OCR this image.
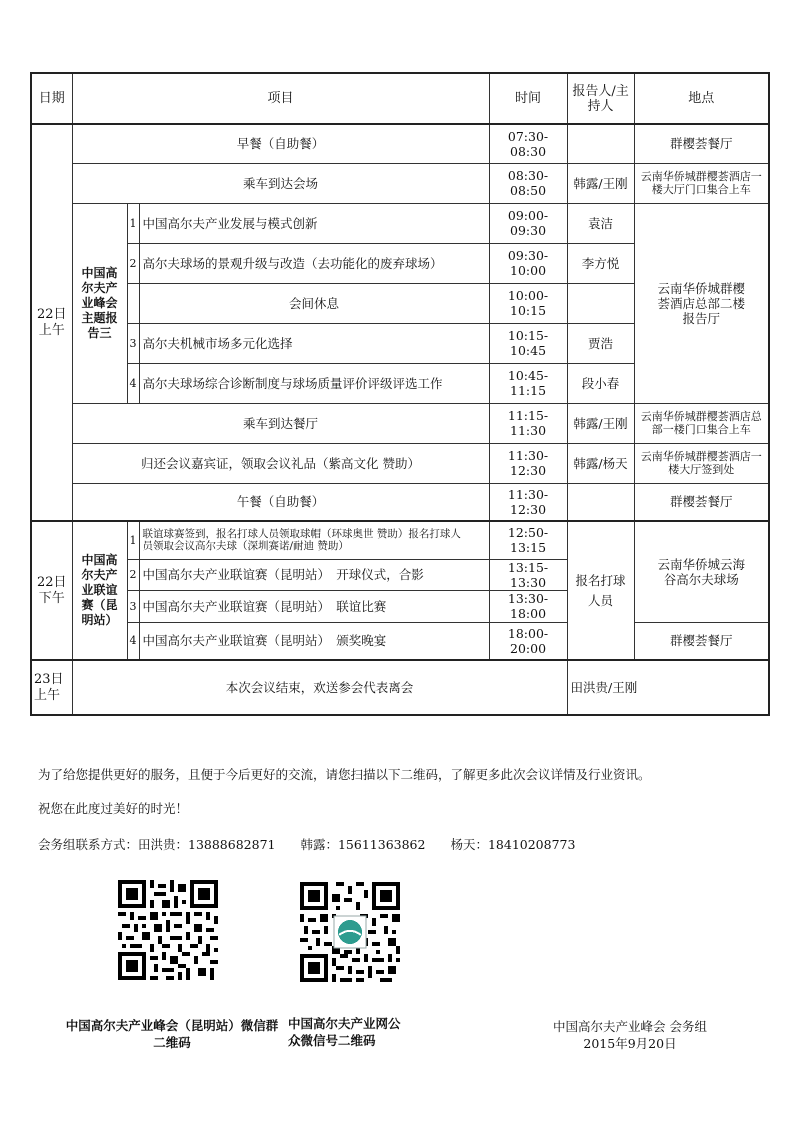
日期	项目			时间	报告人/主持人	地点
22日上午	早餐（自助餐）			07:30-08:30		群樱荟餐厅
	乘车到达会场			08:30-08:50	韩露/王刚	云南华侨城群樱荟酒店一楼大厅门口集合上车
	中国高尔夫产业峰会主题报告三	1	中国高尔夫产业发展与模式创新	09:00-09:30	袁洁	云南华侨城群樱荟酒店总部二楼报告厅
		2	高尔夫球场的景观升级与改造（去功能化的废弃球场）	09:30-10:00	李方悦	
			会间休息	10:00-10:15		
		3	高尔夫机械市场多元化选择	10:15-10:45	贾浩	
		4	高尔夫球场综合诊断制度与球场质量评价评级评选工作	10:45-11:15	段小春	
	乘车到达餐厅			11:15-11:30	韩露/王刚	云南华侨城群樱荟酒店总部一楼门口集合上车
	归还会议嘉宾证，领取会议礼品（紫高文化 赞助）			11:30-12:30	韩露/杨天	云南华侨城群樱荟酒店一楼大厅签到处
	午餐（自助餐）			11:30-12:30		群樱荟餐厅
22日下午	中国高尔夫产业联谊赛（昆明站）	1	联谊球赛签到，报名打球人员领取球帽（环球奥世 赞助）报名打球人员领取会议高尔夫球（深圳赛诺/耐迪 赞助）	12:50-13:15	报名打球人员	云南华侨城云海谷高尔夫球场
		2	中国高尔夫产业联谊赛（昆明站）　开球仪式，合影	13:15-13:30		
		3	中国高尔夫产业联谊赛（昆明站）　联谊比赛	13:30-18:00		
		4	中国高尔夫产业联谊赛（昆明站）　颁奖晚宴	18:00-20:00		群樱荟餐厅
23日上午	本次会议结束，欢送参会代表离会				田洪贵/王刚	
为了给您提供更好的服务，且便于今后更好的交流，请您扫描以下二维码，了解更多此次会议详情及行业资讯。
祝您在此度过美好的时光！
会务组联系方式：田洪贵：13888682871　　韩露：15611363862　　杨天：18410208773
中国高尔夫产业峰会（昆明站）微信群二维码
中国高尔夫产业网公众微信号二维码
中国高尔夫产业峰会 会务组
2015年9月20日
